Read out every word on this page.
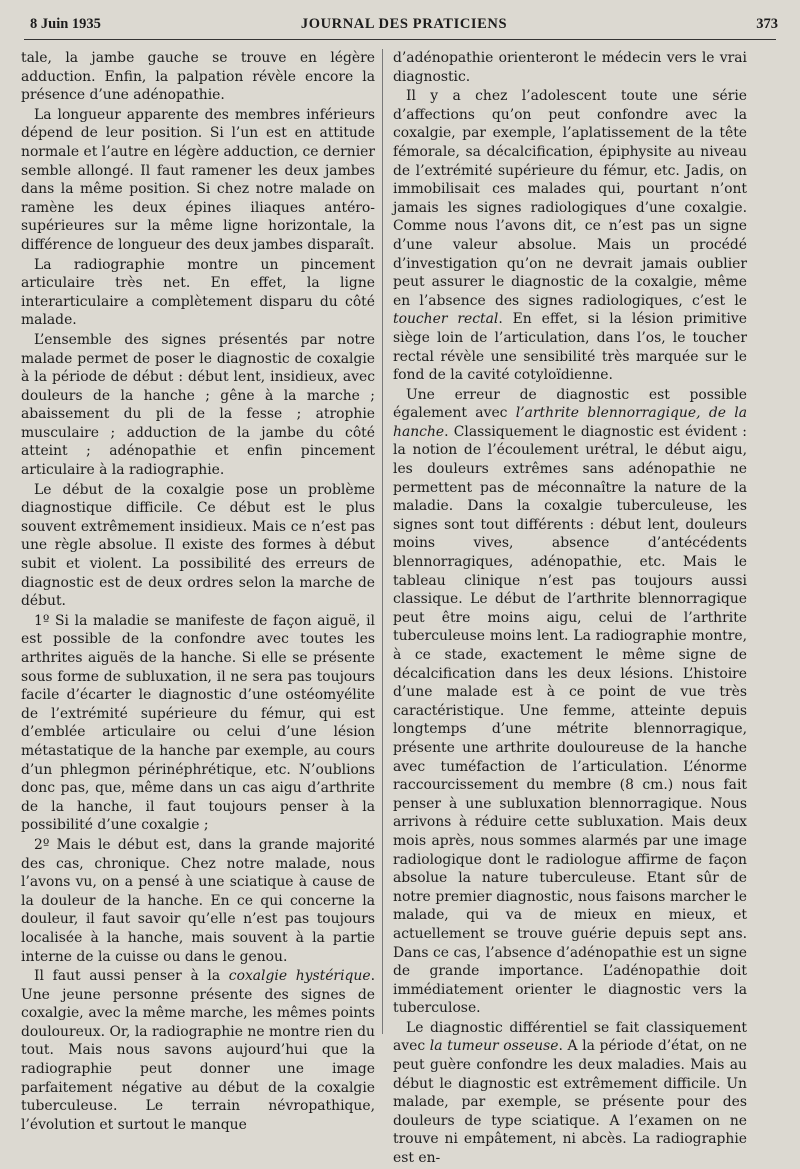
8 Juin 1935	JOURNAL DES PRATICIENS	373

tale, la jambe gauche se trouve en légère adduction. Enfin, la palpation révèle encore la présence d’une adénopathie.

La longueur apparente des membres inférieurs dépend de leur position. Si l’un est en attitude normale et l’autre en légère adduction, ce dernier semble allongé. Il faut ramener les deux jambes dans la même position. Si chez notre malade on ramène les deux épines iliaques antéro-supérieures sur la même ligne horizontale, la différence de longueur des deux jambes disparaît.

La radiographie montre un pincement articulaire très net. En effet, la ligne interarticulaire a complètement disparu du côté malade.

L’ensemble des signes présentés par notre malade permet de poser le diagnostic de coxalgie à la période de début : début lent, insidieux, avec douleurs de la hanche ; gêne à la marche ; abaissement du pli de la fesse ; atrophie musculaire ; adduction de la jambe du côté atteint ; adénopathie et enfin pincement articulaire à la radiographie.

Le début de la coxalgie pose un problème diagnostique difficile. Ce début est le plus souvent extrêmement insidieux. Mais ce n’est pas une règle absolue. Il existe des formes à début subit et violent. La possibilité des erreurs de diagnostic est de deux ordres selon la marche de début.

1º Si la maladie se manifeste de façon aiguë, il est possible de la confondre avec toutes les arthrites aiguës de la hanche. Si elle se présente sous forme de subluxation, il ne sera pas toujours facile d’écarter le diagnostic d’une ostéomyélite de l’extrémité supérieure du fémur, qui est d’emblée articulaire ou celui d’une lésion métastatique de la hanche par exemple, au cours d’un phlegmon périnéphrétique, etc. N’oublions donc pas, que, même dans un cas aigu d’arthrite de la hanche, il faut toujours penser à la possibilité d’une coxalgie ;

2º Mais le début est, dans la grande majorité des cas, chronique. Chez notre malade, nous l’avons vu, on a pensé à une sciatique à cause de la douleur de la hanche. En ce qui concerne la douleur, il faut savoir qu’elle n’est pas toujours localisée à la hanche, mais souvent à la partie interne de la cuisse ou dans le genou.

Il faut aussi penser à la coxalgie hystérique. Une jeune personne présente des signes de coxalgie, avec la même marche, les mêmes points douloureux. Or, la radiographie ne montre rien du tout. Mais nous savons aujourd’hui que la radiographie peut donner une image parfaitement négative au début de la coxalgie tuberculeuse. Le terrain névropathique, l’évolution et surtout le manque

d’adénopathie orienteront le médecin vers le vrai diagnostic.

Il y a chez l’adolescent toute une série d’affections qu’on peut confondre avec la coxalgie, par exemple, l’aplatissement de la tête fémorale, sa décalcification, épiphysite au niveau de l’extrémité supérieure du fémur, etc. Jadis, on immobilisait ces malades qui, pourtant n’ont jamais les signes radiologiques d’une coxalgie. Comme nous l’avons dit, ce n’est pas un signe d’une valeur absolue. Mais un procédé d’investigation qu’on ne devrait jamais oublier peut assurer le diagnostic de la coxalgie, même en l’absence des signes radiologiques, c’est le toucher rectal. En effet, si la lésion primitive siège loin de l’articulation, dans l’os, le toucher rectal révèle une sensibilité très marquée sur le fond de la cavité cotyloïdienne.

Une erreur de diagnostic est possible également avec l’arthrite blennorragique, de la hanche. Classiquement le diagnostic est évident : la notion de l’écoulement urétral, le début aigu, les douleurs extrêmes sans adénopathie ne permettent pas de méconnaître la nature de la maladie. Dans la coxalgie tuberculeuse, les signes sont tout différents : début lent, douleurs moins vives, absence d’antécédents blennorragiques, adénopathie, etc. Mais le tableau clinique n’est pas toujours aussi classique. Le début de l’arthrite blennorragique peut être moins aigu, celui de l’arthrite tuberculeuse moins lent. La radiographie montre, à ce stade, exactement le même signe de décalcification dans les deux lésions. L’histoire d’une malade est à ce point de vue très caractéristique. Une femme, atteinte depuis longtemps d’une métrite blennorragique, présente une arthrite douloureuse de la hanche avec tuméfaction de l’articulation. L’énorme raccourcissement du membre (8 cm.) nous fait penser à une subluxation blennorragique. Nous arrivons à réduire cette subluxation. Mais deux mois après, nous sommes alarmés par une image radiologique dont le radiologue affirme de façon absolue la nature tuberculeuse. Etant sûr de notre premier diagnostic, nous faisons marcher le malade, qui va de mieux en mieux, et actuellement se trouve guérie depuis sept ans. Dans ce cas, l’absence d’adénopathie est un signe de grande importance. L’adénopathie doit immédiatement orienter le diagnostic vers la tuberculose.

Le diagnostic différentiel se fait classiquement avec la tumeur osseuse. A la période d’état, on ne peut guère confondre les deux maladies. Mais au début le diagnostic est extrêmement difficile. Un malade, par exemple, se présente pour des douleurs de type sciatique. A l’examen on ne trouve ni empâtement, ni abcès. La radiographie est en-
